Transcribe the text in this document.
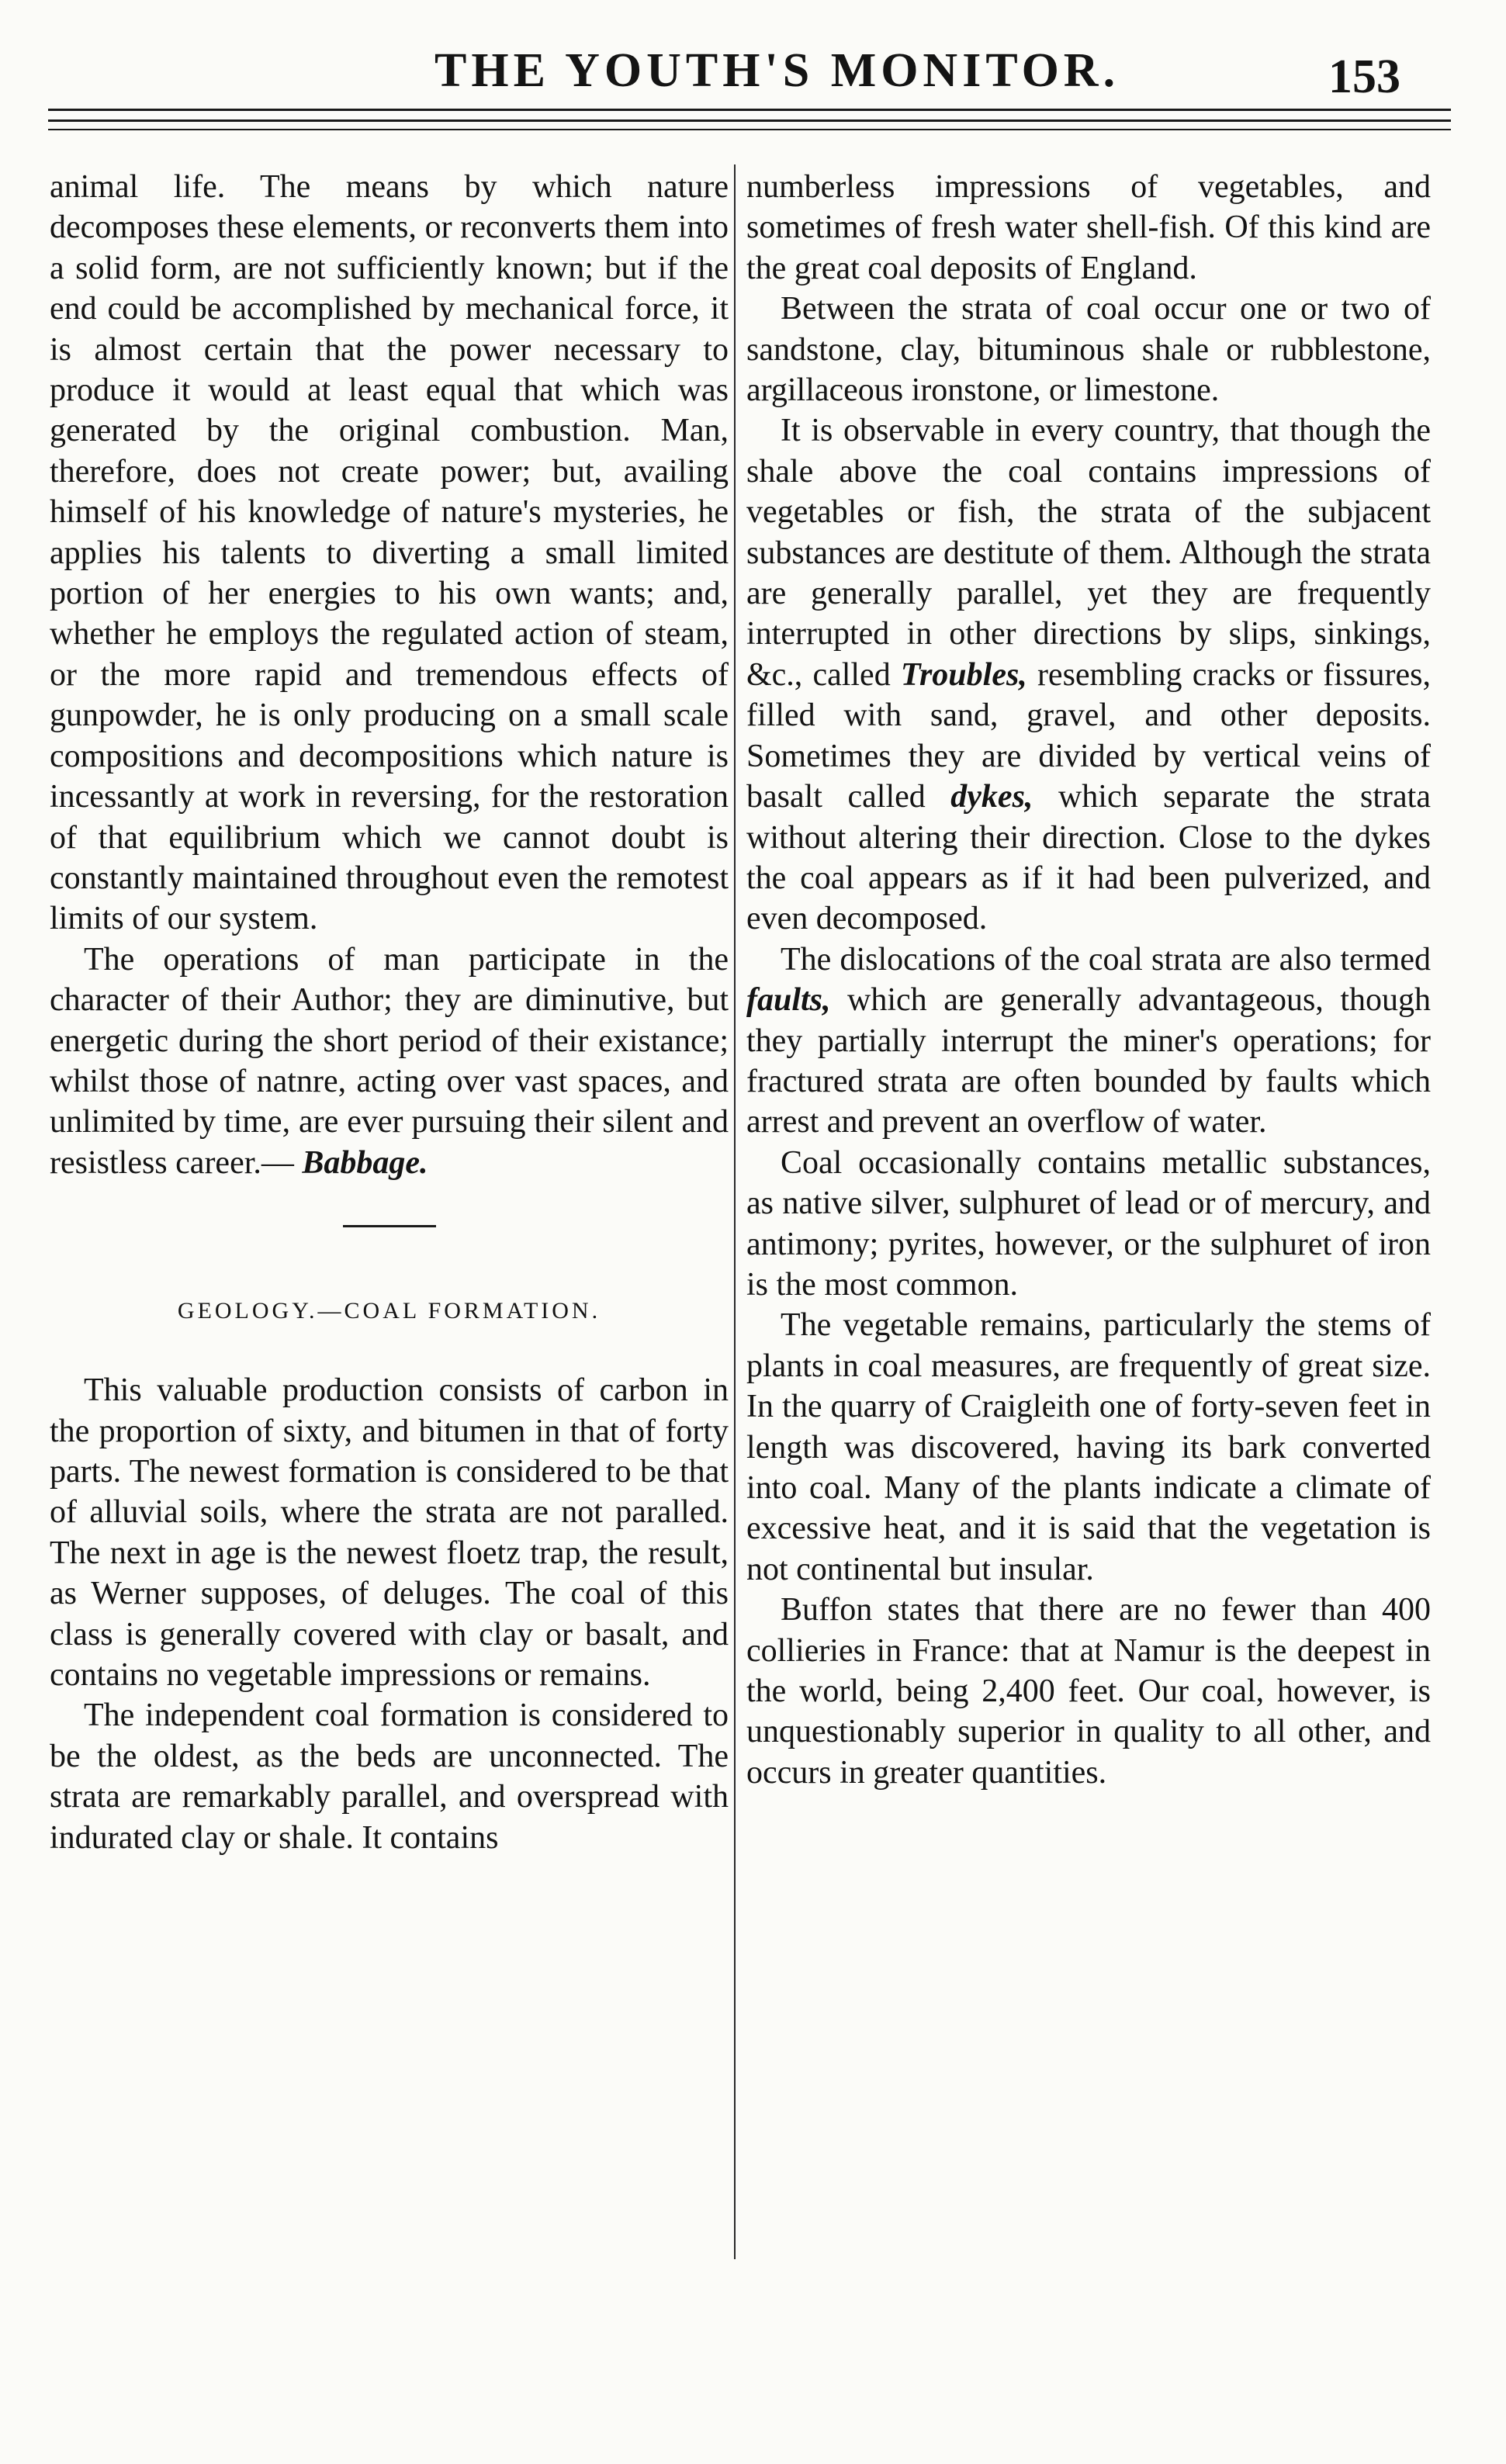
THE YOUTH'S MONITOR.	153

animal life. The means by which nature decomposes these elements, or reconverts them into a solid form, are not sufficiently known; but if the end could be accomplished by mechanical force, it is almost certain that the power necessary to produce it would at least equal that which was generated by the original combustion. Man, therefore, does not create power; but, availing himself of his knowledge of nature's mysteries, he applies his talents to diverting a small limited portion of her energies to his own wants; and, whether he employs the regulated action of steam, or the more rapid and tremendous effects of gunpowder, he is only producing on a small scale compositions and decompositions which nature is incessantly at work in reversing, for the restoration of that equilibrium which we cannot doubt is constantly maintained throughout even the remotest limits of our system.

The operations of man participate in the character of their Author; they are diminutive, but energetic during the short period of their existance; whilst those of natnre, acting over vast spaces, and unlimited by time, are ever pursuing their silent and resistless career.— Babbage.

GEOLOGY.—COAL FORMATION.

This valuable production consists of carbon in the proportion of sixty, and bitumen in that of forty parts. The newest formation is considered to be that of alluvial soils, where the strata are not paralled. The next in age is the newest floetz trap, the result, as Werner supposes, of deluges. The coal of this class is generally covered with clay or basalt, and contains no vegetable impressions or remains.

The independent coal formation is considered to be the oldest, as the beds are unconnected. The strata are remarkably parallel, and overspread with indurated clay or shale. It contains

numberless impressions of vegetables, and sometimes of fresh water shell-fish. Of this kind are the great coal deposits of England.

Between the strata of coal occur one or two of sandstone, clay, bituminous shale or rubblestone, argillaceous ironstone, or limestone.

It is observable in every country, that though the shale above the coal contains impressions of vegetables or fish, the strata of the subjacent substances are destitute of them. Although the strata are generally parallel, yet they are frequently interrupted in other directions by slips, sinkings, &c., called Troubles, resembling cracks or fissures, filled with sand, gravel, and other deposits. Sometimes they are divided by vertical veins of basalt called dykes, which separate the strata without altering their direction. Close to the dykes the coal appears as if it had been pulverized, and even decomposed.

The dislocations of the coal strata are also termed faults, which are generally advantageous, though they partially interrupt the miner's operations; for fractured strata are often bounded by faults which arrest and prevent an overflow of water.

Coal occasionally contains metallic substances, as native silver, sulphuret of lead or of mercury, and antimony; pyrites, however, or the sulphuret of iron is the most common.

The vegetable remains, particularly the stems of plants in coal measures, are frequently of great size. In the quarry of Craigleith one of forty-seven feet in length was discovered, having its bark converted into coal. Many of the plants indicate a climate of excessive heat, and it is said that the vegetation is not continental but insular.

Buffon states that there are no fewer than 400 collieries in France: that at Namur is the deepest in the world, being 2,400 feet. Our coal, however, is unquestionably superior in quality to all other, and occurs in greater quantities.
